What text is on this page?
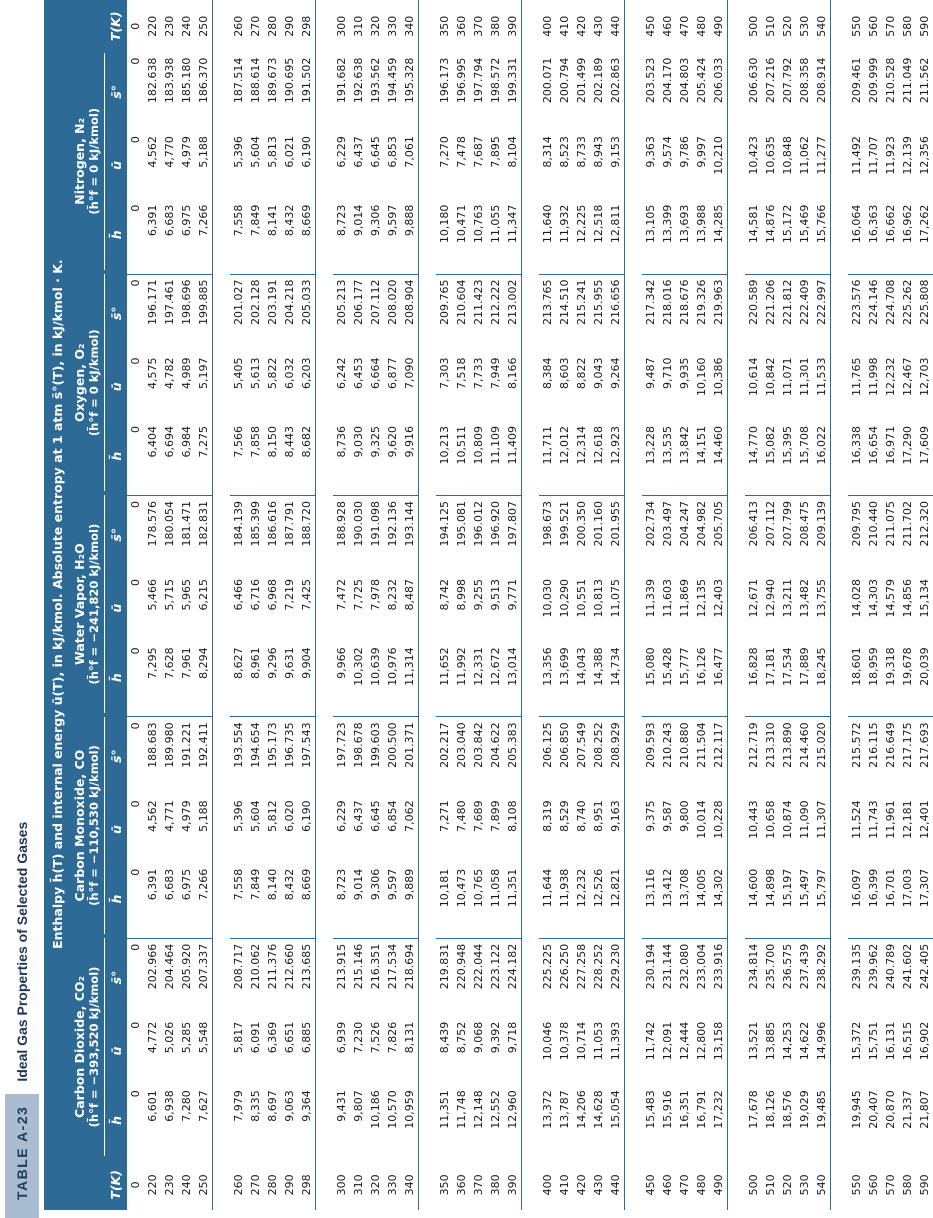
TABLE A-23
Ideal Gas Properties of Selected Gases
		Enthalpy h̄(T) and internal energy ū(T), in kJ/kmol. Absolute entropy at 1 atm s̄°(T), in kJ/kmol · K.																			

		Carbon Dioxide, CO₂ (h̄°f = −393,520 kJ/kmol)				Carbon Monoxide, CO (h̄°f = −110,530 kJ/kmol)				Water Vapor, H₂O (h̄°f = −241,820 kJ/kmol)				Oxygen, O₂ (h̄°f = 0 kJ/kmol)				Nitrogen, N₂ (h̄°f = 0 kJ/kmol)			

T(K)		h̄	ū	s̄°		h̄	ū	s̄°		h̄	ū	s̄°		h̄	ū	s̄°		h̄	ū	s̄°	T(K)
0		0	0	0		0	0	0		0	0	0		0	0	0		0	0	0	0
220		6,601	4,772	202.966		6,391	4,562	188.683		7,295	5,466	178.576		6,404	4,575	196.171		6,391	4,562	182.638	220
230		6,938	5,026	204.464		6,683	4,771	189.980		7,628	5,715	180.054		6,694	4,782	197.461		6,683	4,770	183.938	230
240		7,280	5,285	205.920		6,975	4,979	191.221		7,961	5,965	181.471		6,984	4,989	198.696		6,975	4,979	185.180	240
250		7,627	5,548	207.337		7,266	5,188	192.411		8,294	6,215	182.831		7,275	5,197	199.885		7,266	5,188	186.370	250

260		7,979	5,817	208.717		7,558	5,396	193.554		8,627	6,466	184.139		7,566	5,405	201.027		7,558	5,396	187.514	260
270		8,335	6,091	210.062		7,849	5,604	194.654		8,961	6,716	185.399		7,858	5,613	202.128		7,849	5,604	188.614	270
280		8,697	6,369	211.376		8,140	5,812	195.173		9,296	6,968	186.616		8,150	5,822	203.191		8,141	5,813	189.673	280
290		9,063	6,651	212.660		8,432	6,020	196.735		9,631	7,219	187.791		8,443	6,032	204.218		8,432	6,021	190.695	290
298		9,364	6,885	213.685		8,669	6,190	197.543		9,904	7,425	188.720		8,682	6,203	205.033		8,669	6,190	191.502	298

300		9,431	6,939	213.915		8,723	6,229	197.723		9,966	7,472	188.928		8,736	6,242	205.213		8,723	6,229	191.682	300
310		9,807	7,230	215.146		9,014	6,437	198.678		10,302	7,725	190.030		9,030	6,453	206.177		9,014	6,437	192.638	310
320		10,186	7,526	216.351		9,306	6,645	199.603		10,639	7,978	191.098		9,325	6,664	207.112		9,306	6,645	193.562	320
330		10,570	7,826	217.534		9,597	6,854	200.500		10,976	8,232	192.136		9,620	6,877	208.020		9,597	6,853	194.459	330
340		10,959	8,131	218.694		9,889	7,062	201.371		11,314	8,487	193.144		9,916	7,090	208.904		9,888	7,061	195.328	340

350		11,351	8,439	219.831		10,181	7,271	202.217		11,652	8,742	194.125		10,213	7,303	209.765		10,180	7,270	196.173	350
360		11,748	8,752	220.948		10,473	7,480	203.040		11,992	8,998	195.081		10,511	7,518	210.604		10,471	7,478	196.995	360
370		12,148	9,068	222.044		10,765	7,689	203.842		12,331	9,255	196.012		10,809	7,733	211.423		10,763	7,687	197.794	370
380		12,552	9,392	223.122		11,058	7,899	204.622		12,672	9,513	196.920		11,109	7,949	212.222		11,055	7,895	198.572	380
390		12,960	9,718	224.182		11,351	8,108	205.383		13,014	9,771	197.807		11,409	8,166	213.002		11,347	8,104	199.331	390

400		13,372	10,046	225.225		11,644	8,319	206.125		13,356	10,030	198.673		11,711	8,384	213.765		11,640	8,314	200.071	400
410		13,787	10,378	226.250		11,938	8,529	206.850		13,699	10,290	199.521		12,012	8,603	214.510		11,932	8,523	200.794	410
420		14,206	10,714	227.258		12,232	8,740	207.549		14,043	10,551	200.350		12,314	8,822	215.241		12,225	8,733	201.499	420
430		14,628	11,053	228.252		12,526	8,951	208.252		14,388	10,813	201.160		12,618	9,043	215.955		12,518	8,943	202.189	430
440		15,054	11,393	229.230		12,821	9,163	208.929		14,734	11,075	201.955		12,923	9,264	216.656		12,811	9,153	202.863	440

450		15,483	11,742	230.194		13,116	9,375	209.593		15,080	11,339	202.734		13,228	9,487	217.342		13,105	9,363	203.523	450
460		15,916	12,091	231.144		13,412	9,587	210.243		15,428	11,603	203.497		13,535	9,710	218.016		13,399	9,574	204.170	460
470		16,351	12,444	232.080		13,708	9,800	210.880		15,777	11,869	204.247		13,842	9,935	218.676		13,693	9,786	204.803	470
480		16,791	12,800	233.004		14,005	10,014	211.504		16,126	12,135	204.982		14,151	10,160	219.326		13,988	9,997	205.424	480
490		17,232	13,158	233.916		14,302	10,228	212.117		16,477	12,403	205.705		14,460	10,386	219.963		14,285	10,210	206.033	490

500		17,678	13,521	234.814		14,600	10,443	212.719		16,828	12,671	206.413		14,770	10,614	220.589		14,581	10,423	206.630	500
510		18,126	13,885	235.700		14,898	10,658	213.310		17,181	12,940	207.112		15,082	10,842	221.206		14,876	10,635	207.216	510
520		18,576	14,253	236.575		15,197	10,874	213.890		17,534	13,211	207.799		15,395	11,071	221.812		15,172	10,848	207.792	520
530		19,029	14,622	237.439		15,497	11,090	214.460		17,889	13,482	208.475		15,708	11,301	222.409		15,469	11,062	208.358	530
540		19,485	14,996	238.292		15,797	11,307	215.020		18,245	13,755	209.139		16,022	11,533	222.997		15,766	11,277	208.914	540

550		19,945	15,372	239.135		16,097	11,524	215.572		18,601	14,028	209.795		16,338	11,765	223.576		16,064	11,492	209.461	550
560		20,407	15,751	239.962		16,399	11,743	216.115		18,959	14,303	210.440		16,654	11,998	224.146		16,363	11,707	209.999	560
570		20,870	16,131	240.789		16,701	11,961	216.649		19,318	14,579	211.075		16,971	12,232	224.708		16,662	11,923	210.528	570
580		21,337	16,515	241.602		17,003	12,181	217.175		19,678	14,856	211.702		17,290	12,467	225.262		16,962	12,139	211.049	580
590		21,807	16,902	242.405		17,307	12,401	217.693		20,039	15,134	212.320		17,609	12,703	225.808		17,262	12,356	211.562	590
